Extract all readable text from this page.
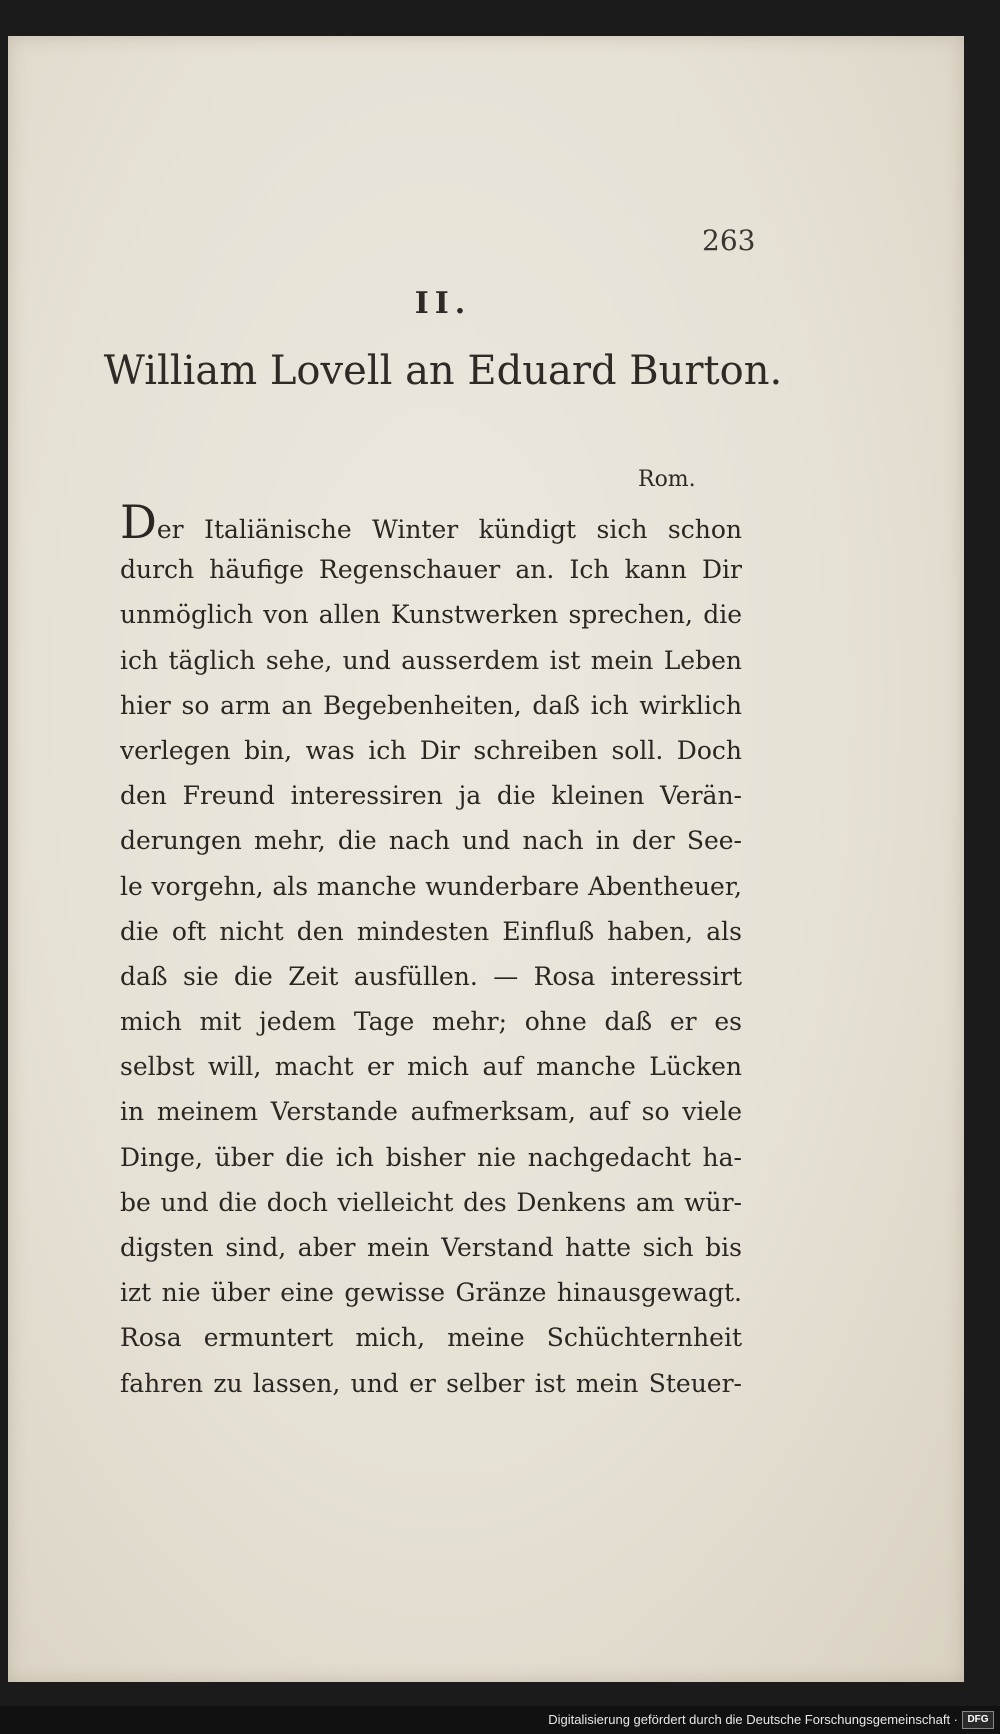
263
II.
William Lovell an Eduard Burton.
Rom.
Der Italiänische Winter kündigt sich schon
durch häufige Regenschauer an. Ich kann Dir
unmöglich von allen Kunstwerken sprechen, die
ich täglich sehe, und ausserdem ist mein Leben
hier so arm an Begebenheiten, daß ich wirklich
verlegen bin, was ich Dir schreiben soll. Doch
den Freund interessiren ja die kleinen Verän-
derungen mehr, die nach und nach in der See-
le vorgehn, als manche wunderbare Abentheuer,
die oft nicht den mindesten Einfluß haben, als
daß sie die Zeit ausfüllen. — Rosa interessirt
mich mit jedem Tage mehr; ohne daß er es
selbst will, macht er mich auf manche Lücken
in meinem Verstande aufmerksam, auf so viele
Dinge, über die ich bisher nie nachgedacht ha-
be und die doch vielleicht des Denkens am wür-
digsten sind, aber mein Verstand hatte sich bis
izt nie über eine gewisse Gränze hinausgewagt.
Rosa ermuntert mich, meine Schüchternheit
fahren zu lassen, und er selber ist mein Steuer-
Digitalisierung gefördert durch die Deutsche Forschungsgemeinschaft · DFG
